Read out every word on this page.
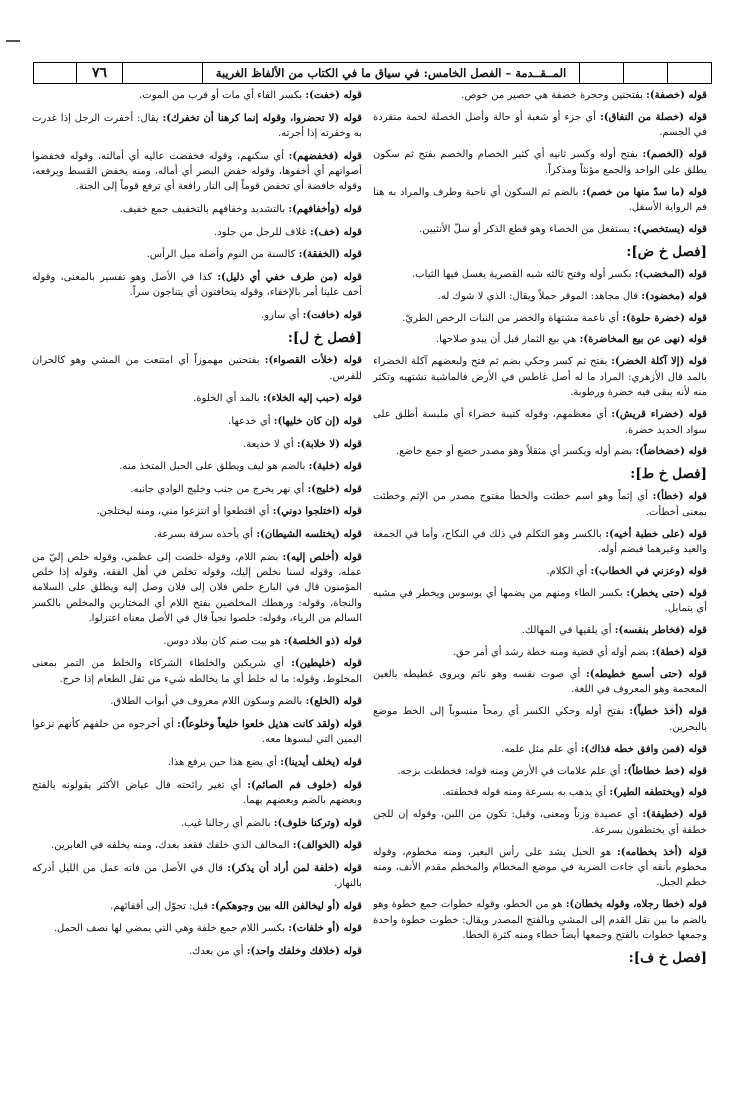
٧٦	المــقــدمة – الفصل الخامس: في سياق ما في الكتاب من الألفاظ الغريبة
قوله (خصفة): بفتحتين وحجرة خصفة هي حصير من خوص.
قوله (خصلة من النفاق): أي جزء أو شعبة أو حالة وأصل الخصلة لحمة منفردة في الجسم.
قوله (الخصم): بفتح أوله وكسر ثانيه أي كثير الخصام والخصم بفتح ثم سكون يطلق على الواحد والجمع مؤنثاً ومذكراً.
قوله (ما سدّ منها من خصم): بالضم ثم السكون أي ناحية وطرف والمراد به هنا فم الرواية الأسفل.
قوله (يستخصي): يستفعل من الخصاء وهو قطع الذكر أو سلّ الأنثيين.
[فصل خ ض]:
قوله (المخضب): بكسر أوله وفتح ثالثه شبه القصرية يغسل فيها الثياب.
قوله (مخضود): قال مجاهد: الموقر حملاً ويقال: الذي لا شوك له.
قوله (خضرة حلوة): أي ناعمة مشتهاة والخضر من النبات الرخص الطريّ.
قوله (نهى عن بيع المخاضرة): هي بيع الثمار قبل أن يبدو صلاحها.
قوله (إلا آكلة الخضر): بفتح ثم كسر وحكي بضم ثم فتح ولبعضهم آكلة الخضراء بالمد قال الأزهري: المراد ما له أصل غاطس في الأرض فالماشية تشتهيه وتكثر منه لأنه يبقى فيه خضرة ورطوبة.
قوله (خضراء قريش): أي معظمهم، وقوله كتيبة خضراء أي ملبسة أطلق على سواد الحديد خضرة.
قوله (خضخاضاً): بضم أوله ويكسر أي مثقلاً وهو مصدر خضع أو جمع خاضع.
[فصل خ ط]:
قوله (خطأ): أي إثماً وهو اسم خطئت والخطأ مفتوح مصدر من الإثم وخطئت بمعنى أخطأت.
قوله (على خطبة أخيه): بالكسر وهو التكلم في ذلك في النكاح، وأما في الجمعة والعيد وغيرهما فبضم أوله.
قوله (وعزني في الخطاب): أي الكلام.
قوله (حتى يخطر): بكسر الطاء ومنهم من يضمها أي يوسوس ويخطر في مشيه أي يتمايل.
قوله (فخاطر بنفسه): أي يلقيها في المهالك.
قوله (خطة): بضم أوله أي قضية ومنه خطة رشد أي أمر حق.
قوله (حتى أسمع خطيطه): أي صوت نفسه وهو نائم ويروى غطيطه بالغين المعجمة وهو المعروف في اللغة.
قوله (أخذ خطياً): بفتح أوله وحكي الكسر أي رمحاً منسوباً إلى الخط موضع بالبحرين.
قوله (فمن وافق خطه فذاك): أي علم مثل علمه.
قوله (خط خطاطاً): أي علم علامات في الأرض ومنه قوله: فخططت بزجه.
قوله (ويختطفه الطير): أي يذهب به بسرعة ومنه قوله فخطفته.
قوله (خطيفة): أي عصيدة وزناً ومعنى، وقيل: تكون من اللبن، وقوله إن للجن خطفة أي يختطفون بسرعة.
قوله (أخذ بخطامه): هو الحبل يشد على رأس البعير، ومنه مخطوم، وقوله مخطوم بأنفه أي جاءت الضربة في موضع المخطام والمخطم مقدم الأنف، ومنه خطم الجبل.
قوله (خطا رجلاه، وقوله بخطان): هو من الخطو، وقوله خطوات جمع خطوة وهو بالضم ما بين نقل القدم إلى المشي وبالفتح المصدر ويقال: خطوت خطوة واحدة وجمعها خطوات بالفتح وجمعها أيضاً خطاء ومنه كثرة الخطا.
[فصل خ ف]:
قوله (خفت): بكسر الفاء أي مات أو قرب من الموت.
قوله (لا تحضروا، وقوله إنما كرهنا أن تخفرك): يقال: أخفرت الرجل إذا غدرت به وخفرته إذا أجرته.
قوله (فخفضهم): أي سكنهم، وقوله فخفضت عاليه أي أمالته، وقوله فخفضوا أصواتهم أي أخفوها، وقوله خفض البصر أي أماله، ومنه يخفض القسط ويرفعه، وقوله خافضة أي تخفض قوماً إلى النار رافعة أي ترفع قوماً إلى الجنة.
قوله (وأخفافهم): بالتشديد وخفافهم بالتخفيف جمع خفيف.
قوله (خف): غلاف للرجل من جلود.
قوله (الخفقة): كالسنة من النوم وأصله ميل الرأس.
قوله (من طرف خفي أي ذليل): كذا في الأصل وهو تفسير بالمعنى، وقوله أخف علينا أمر بالإخفاء، وقوله يتخافتون أي يتناجون سراً.
قوله (خافت): أي سارو.
[فصل خ ل]:
قوله (خلأت القصواء): بفتحتين مهموزاً أي امتنعت من المشي وهو كالحران للفرس.
قوله (حبب إليه الخلاء): بالمد أي الخلوة.
قوله (إن كان خليها): أي خدعها.
قوله (لا خلابة): أي لا خديعة.
قوله (خلبة): بالضم هو ليف ويطلق على الحبل المتخذ منه.
قوله (خليج): أي نهر يخرج من جنب وخليج الوادي جانبه.
قوله (اختلجوا دوني): أي اقتطعوا أو انتزعوا مني، ومنه ليختلجن.
قوله (يختلسه الشيطان): أي يأخذه سرقة بسرعة.
قوله (أخلص إليه): بضم اللام، وقوله خلصت إلى عظمي، وقوله خلص إليّ من عمله، وقوله لسنا نخلص إليك، وقوله تخلص في أهل الفقه، وقوله إذا خلص المؤمنون قال في البارع خلص فلان إلى فلان وصل إليه ويطلق على السلامة والنجاة، وقوله: ورهطك المخلصين بفتح اللام أي المختارين والمخلص بالكسر السالم من الرياء، وقوله: خلصوا نجياً قال في الأصل معناه اعتزلوا.
قوله (ذو الخلصة): هو بيت صنم كان ببلاد دوس.
قوله (خليطين): أي شريكين والخلطاء الشركاء والخلط من التمر بمعنى المخلوط، وقوله: ما له خلط أي ما يخالطه شيء من ثفل الطعام إذا خرج.
قوله (الخلع): بالضم وسكون اللام معروف في أبواب الطلاق.
قوله (ولقد كانت هذيل خلعوا خليعاً وخلوعاً): أي أخرجوه من حلفهم كأنهم نزعوا اليمين التي لبسوها معه.
قوله (يخلف أيدينا): أي يضع هذا حين يرفع هذا.
قوله (خلوف فم الصائم): أي تغير رائحته قال عياض الأكثر يقولونه بالفتح وبعضهم بالضم وبعضهم بهما.
قوله (وتركنا خلوف): بالضم أي رجالنا غيب.
قوله (الخوالف): المخالف الذي خلفك فقعد بعدك، ومنه يخلفه في الغابرين.
قوله (خلفة لمن أراد أن يذكر): قال في الأصل من فاته عمل من الليل أدركه بالنهار.
قوله (أو ليخالفن الله بين وجوهكم): قيل: تحوّل إلى أقفائهم.
قوله (أو خلفات): بكسر اللام جمع خلفة وهي التي يمضي لها نصف الحمل.
قوله (خلافك وخلفك واحد): أي من بعدك.
